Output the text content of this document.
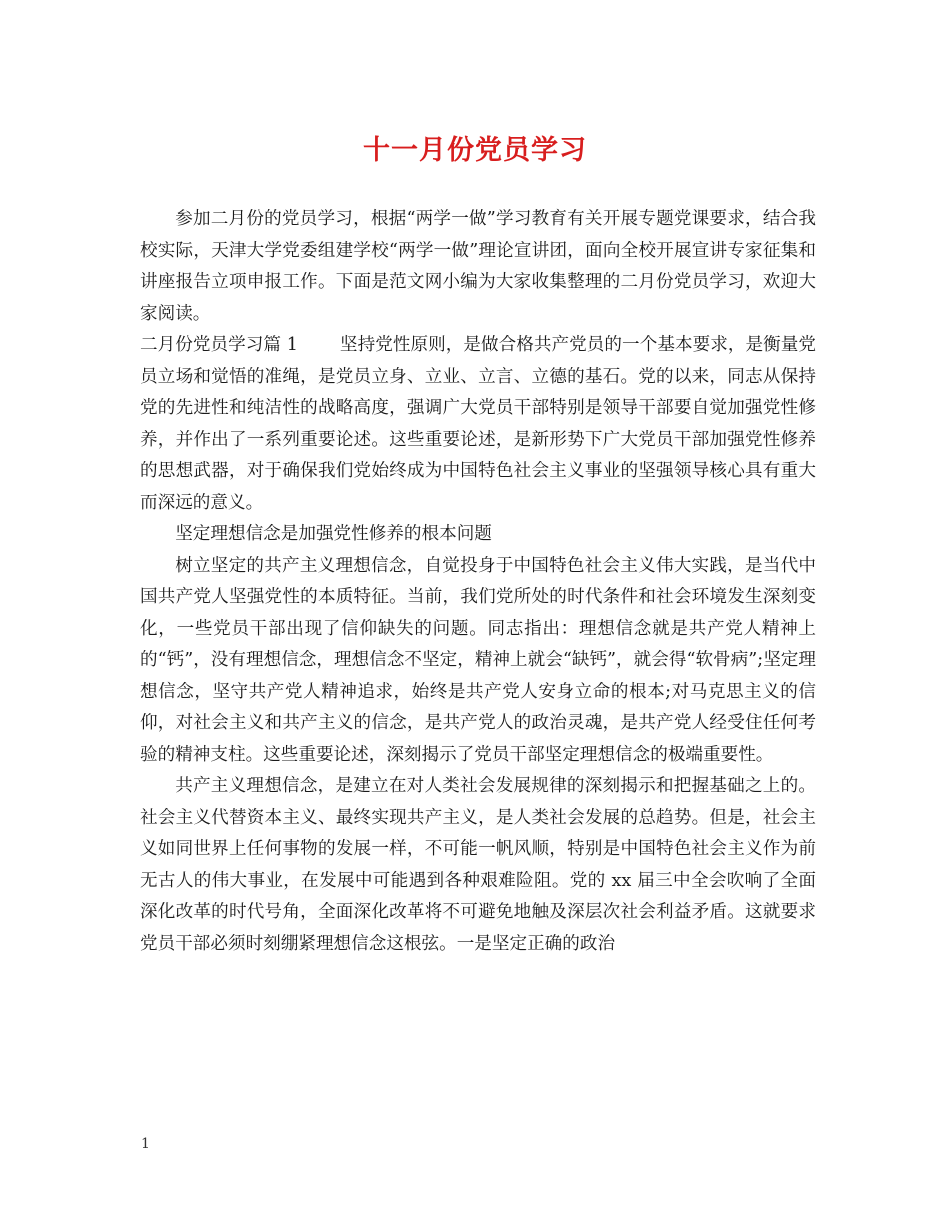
十一月份党员学习

参加二月份的党员学习，根据“两学一做”学习教育有关开展专题党课要求，结合我校实际，天津大学党委组建学校“两学一做”理论宣讲团，面向全校开展宣讲专家征集和讲座报告立项申报工作。下面是范文网小编为大家收集整理的二月份党员学习，欢迎大家阅读。

二月份党员学习篇 1 坚持党性原则，是做合格共产党员的一个基本要求，是衡量党员立场和觉悟的准绳，是党员立身、立业、立言、立德的基石。党的以来，同志从保持党的先进性和纯洁性的战略高度，强调广大党员干部特别是领导干部要自觉加强党性修养，并作出了一系列重要论述。这些重要论述，是新形势下广大党员干部加强党性修养的思想武器，对于确保我们党始终成为中国特色社会主义事业的坚强领导核心具有重大而深远的意义。

坚定理想信念是加强党性修养的根本问题

树立坚定的共产主义理想信念，自觉投身于中国特色社会主义伟大实践，是当代中国共产党人坚强党性的本质特征。当前，我们党所处的时代条件和社会环境发生深刻变化，一些党员干部出现了信仰缺失的问题。同志指出：理想信念就是共产党人精神上的“钙”，没有理想信念，理想信念不坚定，精神上就会“缺钙”，就会得“软骨病”;坚定理想信念，坚守共产党人精神追求，始终是共产党人安身立命的根本;对马克思主义的信仰，对社会主义和共产主义的信念，是共产党人的政治灵魂，是共产党人经受住任何考验的精神支柱。这些重要论述，深刻揭示了党员干部坚定理想信念的极端重要性。

共产主义理想信念，是建立在对人类社会发展规律的深刻揭示和把握基础之上的。社会主义代替资本主义、最终实现共产主义，是人类社会发展的总趋势。但是，社会主义如同世界上任何事物的发展一样，不可能一帆风顺，特别是中国特色社会主义作为前无古人的伟大事业，在发展中可能遇到各种艰难险阻。党的 xx 届三中全会吹响了全面深化改革的时代号角，全面深化改革将不可避免地触及深层次社会利益矛盾。这就要求党员干部必须时刻绷紧理想信念这根弦。一是坚定正确的政治

1
